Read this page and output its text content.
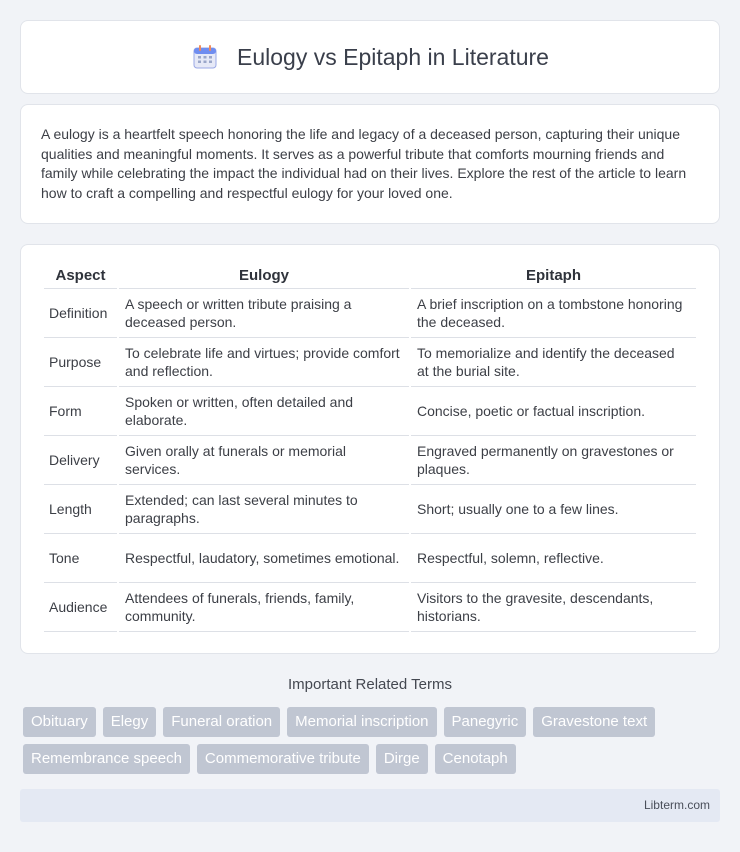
Eulogy vs Epitaph in Literature

A eulogy is a heartfelt speech honoring the life and legacy of a deceased person, capturing their unique qualities and meaningful moments. It serves as a powerful tribute that comforts mourning friends and family while celebrating the impact the individual had on their lives. Explore the rest of the article to learn how to craft a compelling and respectful eulogy for your loved one.

Aspect	Eulogy	Epitaph
Definition	A speech or written tribute praising a deceased person.	A brief inscription on a tombstone honoring the deceased.
Purpose	To celebrate life and virtues; provide comfort and reflection.	To memorialize and identify the deceased at the burial site.
Form	Spoken or written, often detailed and elaborate.	Concise, poetic or factual inscription.
Delivery	Given orally at funerals or memorial services.	Engraved permanently on gravestones or plaques.
Length	Extended; can last several minutes to paragraphs.	Short; usually one to a few lines.
Tone	Respectful, laudatory, sometimes emotional.	Respectful, solemn, reflective.
Audience	Attendees of funerals, friends, family, community.	Visitors to the gravesite, descendants, historians.
Important Related Terms
Obituary	Elegy	Funeral oration	Memorial inscription	Panegyric	Gravestone text
Remembrance speech	Commemorative tribute	Dirge	Cenotaph
Libterm.com
